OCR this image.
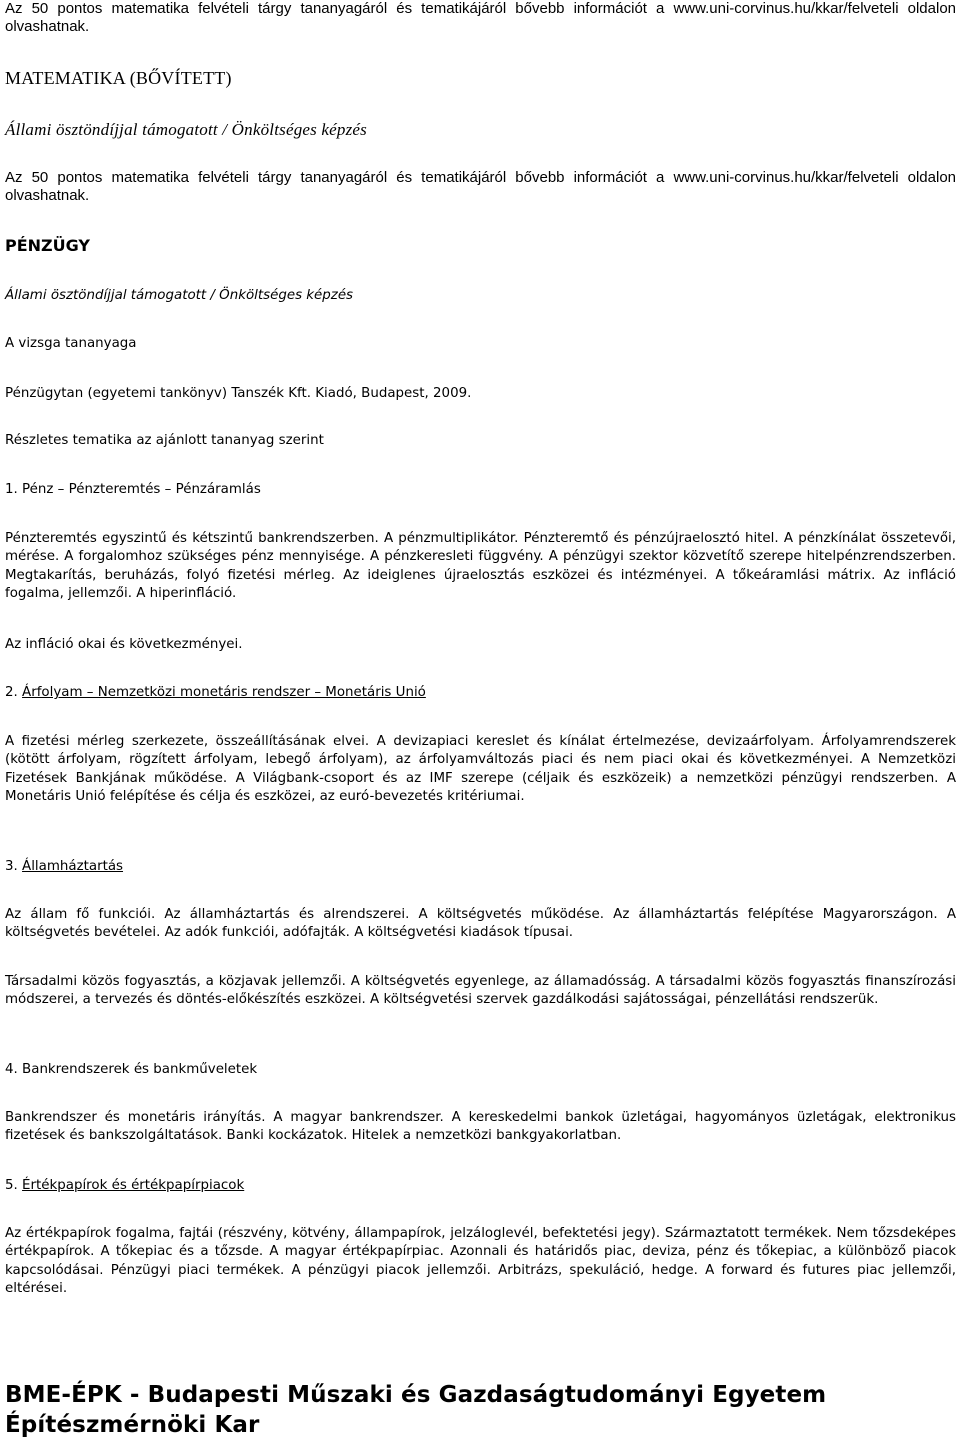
Az 50 pontos matematika felvételi tárgy tananyagáról és tematikájáról bővebb információt a www.uni-corvinus.hu/kkar/felveteli oldalon olvashatnak.

MATEMATIKA (BŐVÍTETT)
Állami ösztöndíjjal támogatott / Önköltséges képzés

Az 50 pontos matematika felvételi tárgy tananyagáról és tematikájáról bővebb információt a www.uni-corvinus.hu/kkar/felveteli oldalon olvashatnak.

PÉNZÜGY
Állami ösztöndíjjal támogatott / Önköltséges képzés
A vizsga tananyaga
Pénzügytan (egyetemi tankönyv) Tanszék Kft. Kiadó, Budapest, 2009.
Részletes tematika az ajánlott tananyag szerint
1. Pénz – Pénzteremtés – Pénzáramlás

Pénzteremtés egyszintű és kétszintű bankrendszerben. A pénzmultiplikátor. Pénzteremtő és pénzújraelosztó hitel. A pénzkínálat összetevői, mérése. A forgalomhoz szükséges pénz mennyisége. A pénzkeresleti függvény. A pénzügyi szektor közvetítő szerepe hitelpénzrendszerben. Megtakarítás, beruházás, folyó fizetési mérleg. Az ideiglenes újraelosztás eszközei és intézményei. A tőkeáramlási mátrix. Az infláció fogalma, jellemzői. A hiperinfláció.

Az infláció okai és következményei.

2. Árfolyam – Nemzetközi monetáris rendszer – Monetáris Unió

A fizetési mérleg szerkezete, összeállításának elvei. A devizapiaci kereslet és kínálat értelmezése, devizaárfolyam. Árfolyamrendszerek (kötött árfolyam, rögzített árfolyam, lebegő árfolyam), az árfolyamváltozás piaci és nem piaci okai és következményei. A Nemzetközi Fizetések Bankjának működése. A Világbank-csoport és az IMF szerepe (céljaik és eszközeik) a nemzetközi pénzügyi rendszerben. A Monetáris Unió felépítése és célja és eszközei, az euró-bevezetés kritériumai.

3. Államháztartás

Az állam fő funkciói. Az államháztartás és alrendszerei. A költségvetés működése. Az államháztartás felépítése Magyarországon. A költségvetés bevételei. Az adók funkciói, adófajták. A költségvetési kiadások típusai.

Társadalmi közös fogyasztás, a közjavak jellemzői. A költségvetés egyenlege, az államadósság. A társadalmi közös fogyasztás finanszírozási módszerei, a tervezés és döntés-előkészítés eszközei. A költségvetési szervek gazdálkodási sajátosságai, pénzellátási rendszerük.

4. Bankrendszerek és bankműveletek

Bankrendszer és monetáris irányítás. A magyar bankrendszer. A kereskedelmi bankok üzletágai, hagyományos üzletágak, elektronikus fizetések és bankszolgáltatások. Banki kockázatok. Hitelek a nemzetközi bankgyakorlatban.

5. Értékpapírok és értékpapírpiacok

Az értékpapírok fogalma, fajtái (részvény, kötvény, állampapírok, jelzáloglevél, befektetési jegy). Származtatott termékek. Nem tőzsdeképes értékpapírok. A tőkepiac és a tőzsde. A magyar értékpapírpiac. Azonnali és határidős piac, deviza, pénz és tőkepiac, a különböző piacok kapcsolódásai. Pénzügyi piaci termékek. A pénzügyi piacok jellemzői. Arbitrázs, spekuláció, hedge. A forward és futures piac jellemzői, eltérései.

BME-ÉPK - Budapesti Műszaki és Gazdaságtudományi Egyetem
Építészmérnöki Kar
